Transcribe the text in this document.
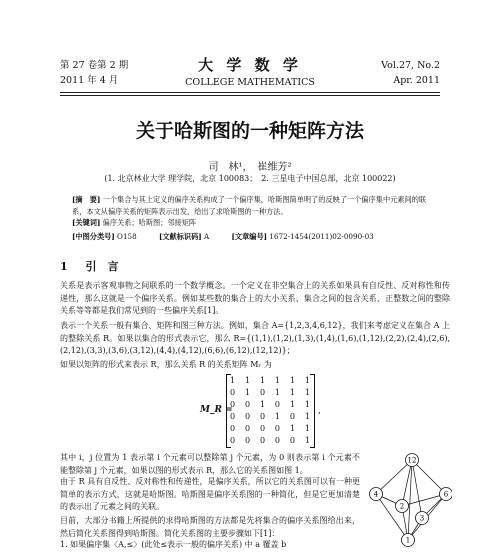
第 27 卷第 2 期
2011 年 4 月
大 学 数 学
COLLEGE MATHEMATICS
Vol.27, No.2
Apr. 2011
关于哈斯图的一种矩阵方法
司　林¹，　崔维芳²
(1. 北京林业大学 理学院，北京 100083；　2. 三星电子中国总部，北京 100022)
[摘　要] 一个集合与其上定义的偏序关系构成了一个偏序集，哈斯图简单明了的反映了一个偏序集中元素间的联系，本文从偏序关系的矩阵表示出发，给出了求哈斯图的一种方法。
[关键词] 偏序关系；哈斯图；邻接矩阵
[中图分类号] O158	[文献标识码] A	[文章编号] 1672-1454(2011)02-0090-03
1 引　言
关系是表示客观事物之间联系的一个数学概念。一个定义在非空集合上的关系如果具有自反性、反对称性和传递性，那么这就是一个偏序关系。例如某些数的集合上的大小关系、集合之间的包含关系、正整数之间的整除关系等等都是我们常见到的一些偏序关系[1]。
表示一个关系一般有集合、矩阵和图三种方法。例如，集合 A={1,2,3,4,6,12}，我们来考虑定义在集合 A 上的整除关系 R。如果以集合的形式表示它，那么 R={(1,1),(1,2),(1,3),(1,4),(1,6),(1,12),(2,2),(2,4),(2,6),(2,12),(3,3),(3,6),(3,12),(4,4),(4,12),(6,6),(6,12),(12,12)}；
如果以矩阵的形式来表示 R，那么关系 R 的关系矩阵 Mᵣ 为
M_R =
1 1 1 1 1 1
0 1 0 1 1 1
0 0 1 0 1 1
0 0 0 1 0 1
0 0 0 0 1 1
0 0 0 0 0 1
,
其中 i，j 位置为 1 表示第 i 个元素可以整除第 j 个元素，为 0 则表示第 i 个元素不能整除第 j 个元素，如果以图的形式表示 R，那么它的关系图如图 1。
由于 R 具有自反性、反对称性和传递性，是偏序关系，所以它的关系图可以有一种更简单的表示方式，这就是哈斯图。哈斯图是偏序关系图的一种简化，但是它更加清楚的表示出了元素之间的关联。
目前，大部分书籍上所提供的求得哈斯图的方法都是先将集合的偏序关系图给出来，然后简化关系图得到哈斯图。简化关系图的主要步骤如下[1]：
1. 如果偏序集〈A,≤〉(此处≤表示一般的偏序关系) 中 a 覆盖 b
12
4	6
2
3
1
